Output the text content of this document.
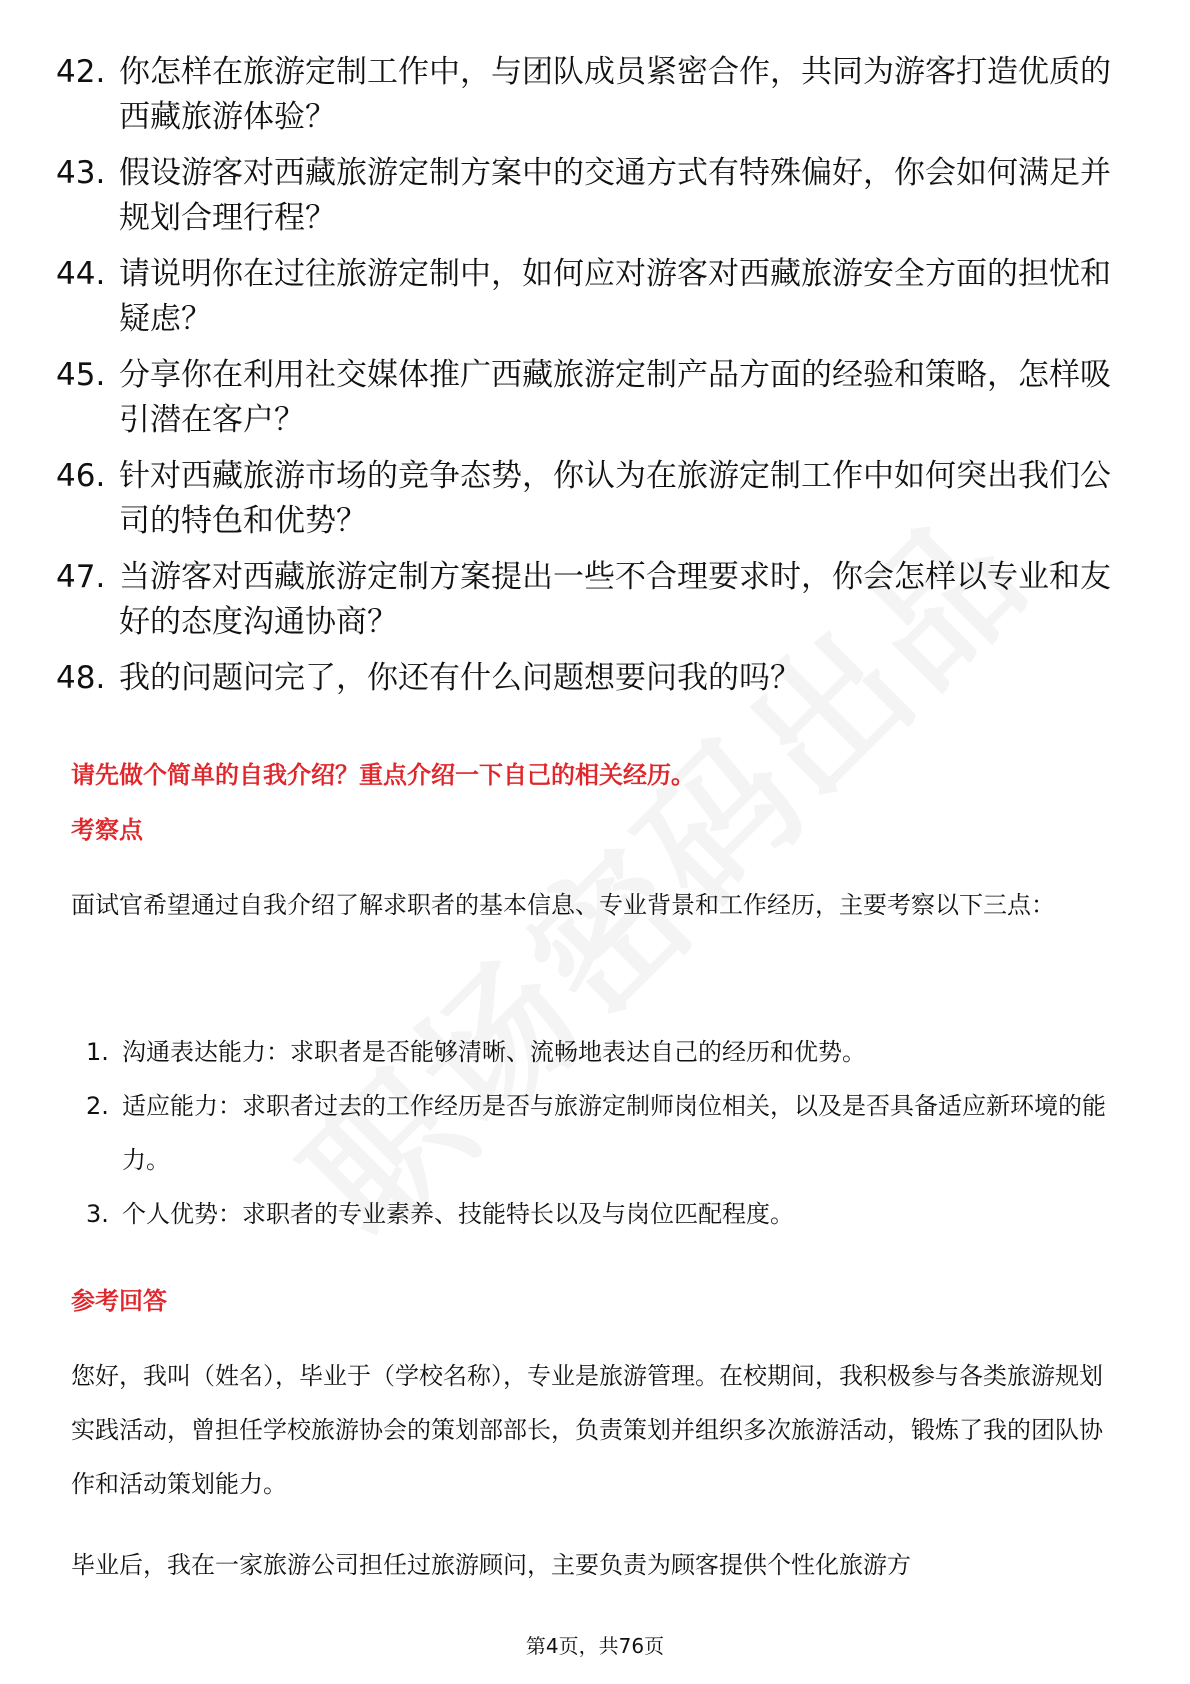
42. 你怎样在旅游定制工作中，与团队成员紧密合作，共同为游客打造优质的西藏旅游体验？
43. 假设游客对西藏旅游定制方案中的交通方式有特殊偏好，你会如何满足并规划合理行程？
44. 请说明你在过往旅游定制中，如何应对游客对西藏旅游安全方面的担忧和疑虑？
45. 分享你在利用社交媒体推广西藏旅游定制产品方面的经验和策略，怎样吸引潜在客户？
46. 针对西藏旅游市场的竞争态势，你认为在旅游定制工作中如何突出我们公司的特色和优势？
47. 当游客对西藏旅游定制方案提出一些不合理要求时，你会怎样以专业和友好的态度沟通协商？
48. 我的问题问完了，你还有什么问题想要问我的吗？
请先做个简单的自我介绍？重点介绍一下自己的相关经历。
考察点
面试官希望通过自我介绍了解求职者的基本信息、专业背景和工作经历，主要考察以下三点：
1. 沟通表达能力：求职者是否能够清晰、流畅地表达自己的经历和优势。
2. 适应能力：求职者过去的工作经历是否与旅游定制师岗位相关，以及是否具备适应新环境的能力。
3. 个人优势：求职者的专业素养、技能特长以及与岗位匹配程度。
参考回答
您好，我叫（姓名），毕业于（学校名称），专业是旅游管理。在校期间，我积极参与各类旅游规划实践活动，曾担任学校旅游协会的策划部部长，负责策划并组织多次旅游活动，锻炼了我的团队协作和活动策划能力。
毕业后，我在一家旅游公司担任过旅游顾问，主要负责为顾客提供个性化旅游方
第4页，共76页
